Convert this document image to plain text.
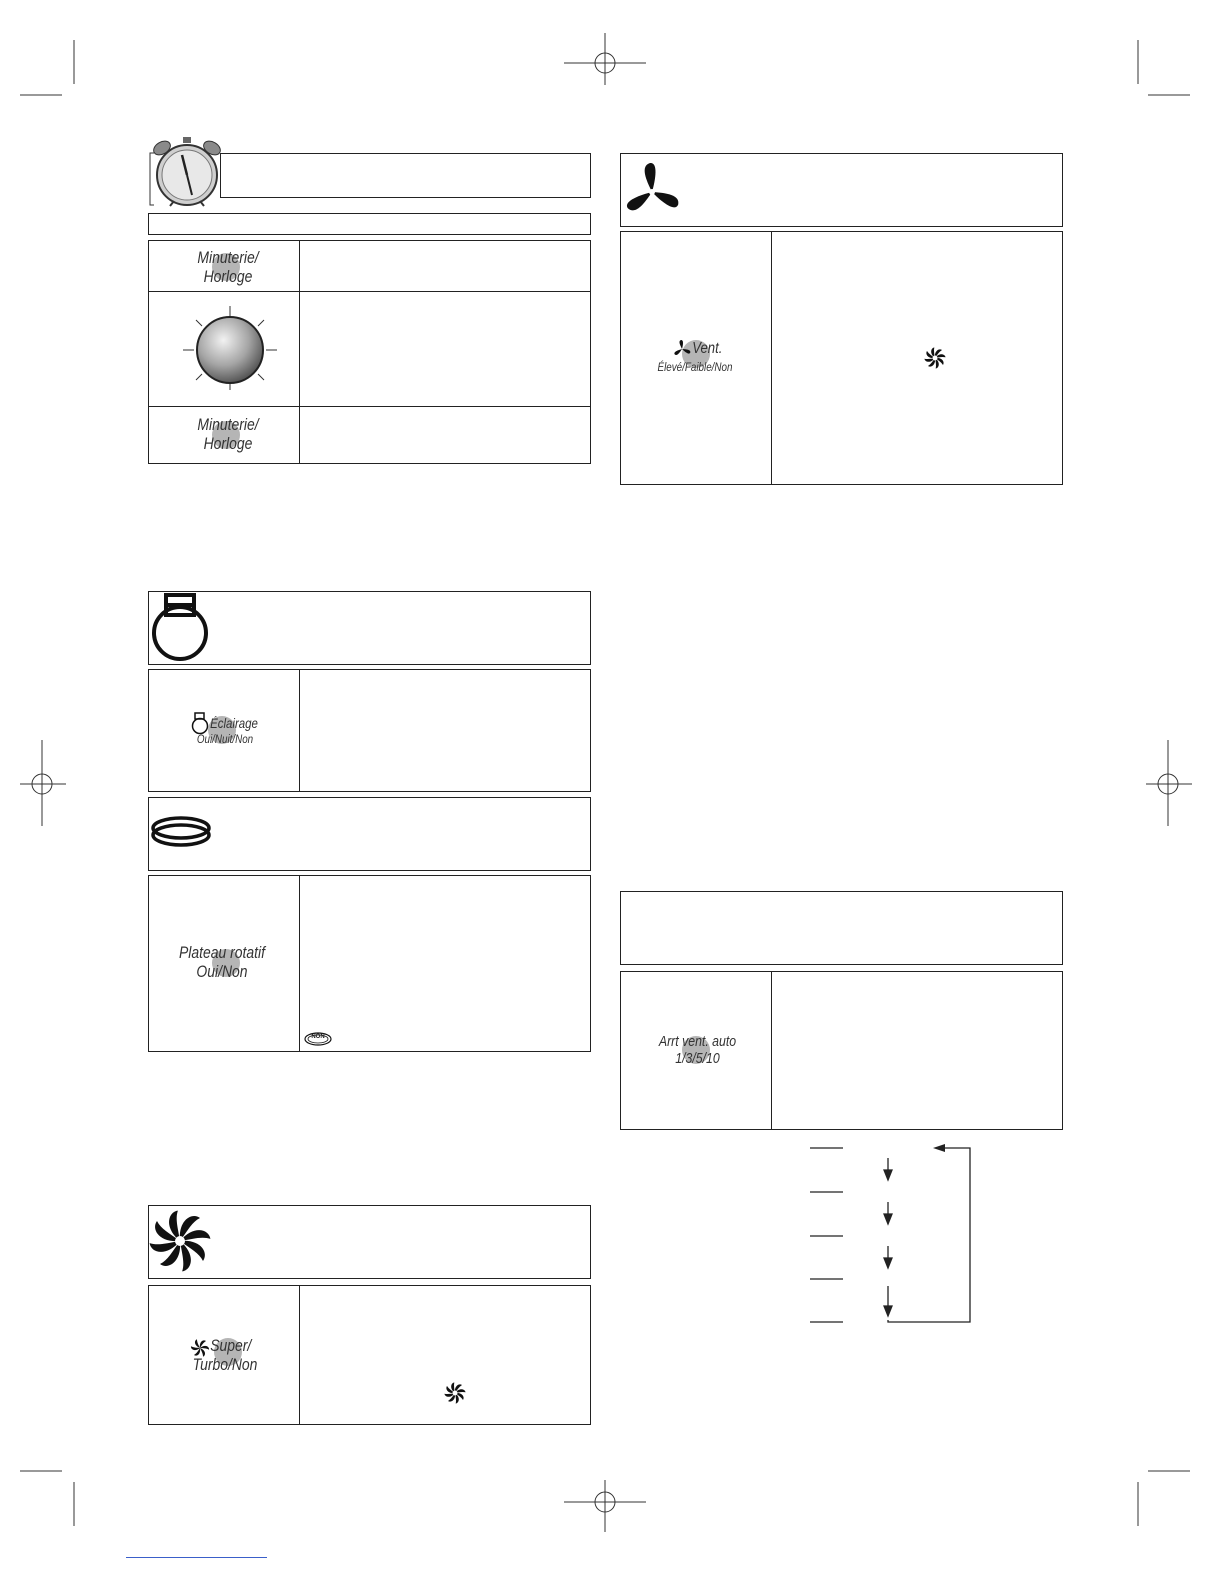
Minuterie/
Horloge
Minuterie/
Horloge
Éclairage
Oui/Nuit/Non
Plateau rotatif
Oui/Non
NON
Super/
Turbo/Non
Vent.
Élevé/Faible/Non
Arrt vent. auto
1/3/5/10
